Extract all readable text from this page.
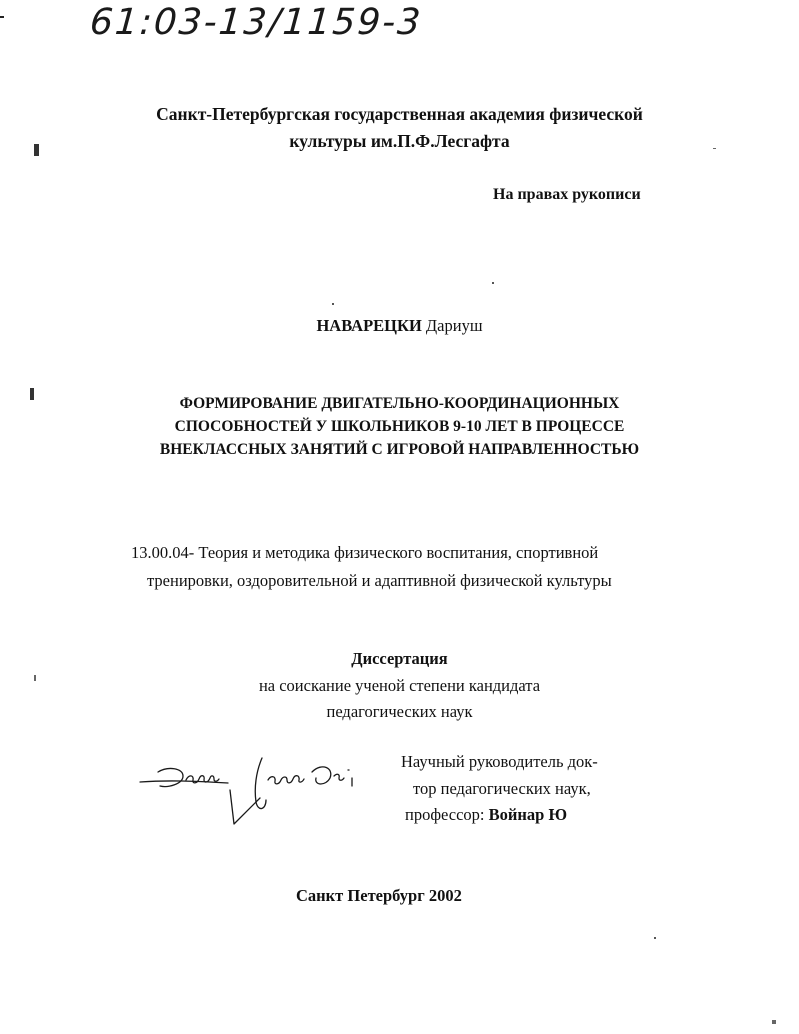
61:03-13/1159-3
Санкт-Петербургская государственная академия физической
культуры им.П.Ф.Лесгафта
На правах рукописи
НАВАРЕЦКИ Дариуш
ФОРМИРОВАНИЕ ДВИГАТЕЛЬНО-КООРДИНАЦИОННЫХ
СПОСОБНОСТЕЙ У ШКОЛЬНИКОВ 9-10 ЛЕТ В ПРОЦЕССЕ
ВНЕКЛАССНЫХ ЗАНЯТИЙ С ИГРОВОЙ НАПРАВЛЕННОСТЬЮ
13.00.04- Теория и методика физического воспитания, спортивной
тренировки, оздоровительной и адаптивной физической культуры
Диссертация
на соискание ученой степени кандидата
педагогических наук
Научный руководитель док-
тор педагогических наук,
профессор: Войнар Ю
Санкт Петербург 2002
